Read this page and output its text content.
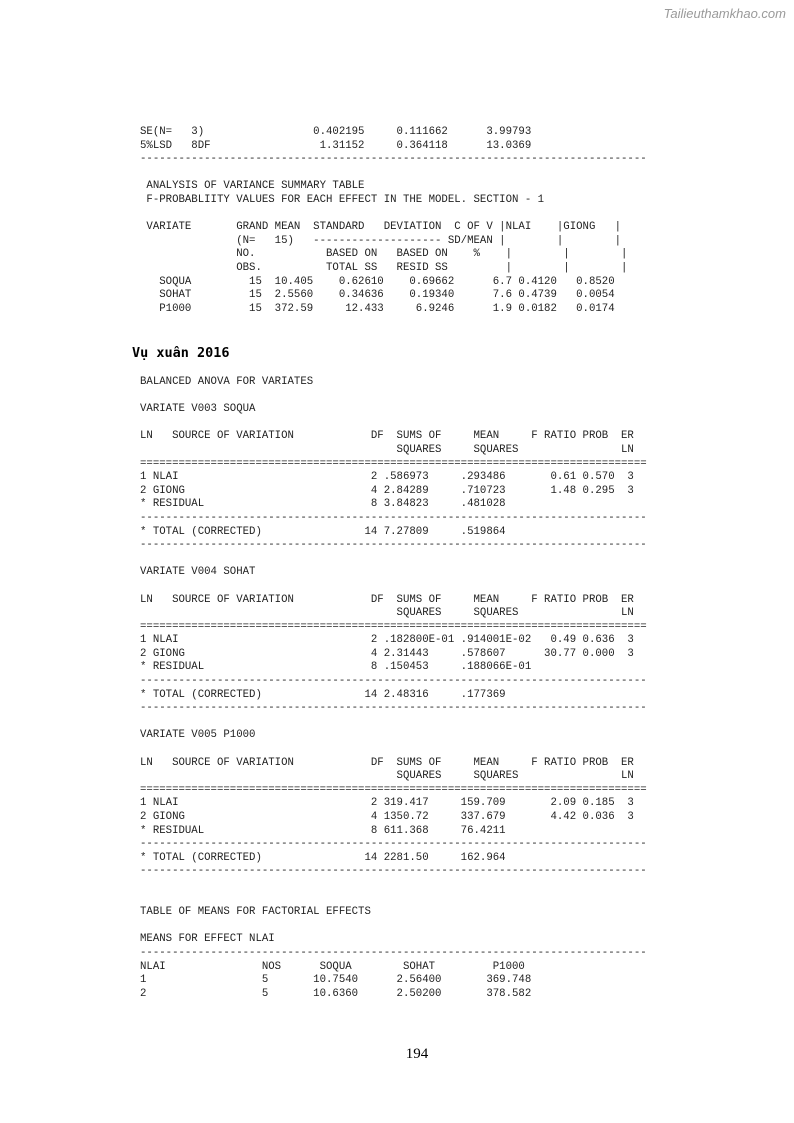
Tailieuthamkhao.com
SE(N=   3)                 0.402195     0.111662      3.99793
5%LSD   8DF                 1.31152     0.364118      13.0369
-------------------------------------------------------------------------------

ANALYSIS OF VARIANCE SUMMARY TABLE
F-PROBABLIITY VALUES FOR EACH EFFECT IN THE MODEL. SECTION - 1

VARIATE       GRAND MEAN  STANDARD   DEVIATION  C OF V |NLAI    |GIONG   |
(N=   15)   -------------------- SD/MEAN |        |        |
NO.           BASED ON   BASED ON    %    |        |        |
OBS.          TOTAL SS   RESID SS         |        |        |
SOQUA         15  10.405    0.62610    0.69662      6.7 0.4120   0.8520
SOHAT         15  2.5560    0.34636    0.19340      7.6 0.4739   0.0054
P1000         15  372.59     12.433     6.9246      1.9 0.0182   0.0174
Vụ xuân 2016
BALANCED ANOVA FOR VARIATES

VARIATE V003 SOQUA

LN   SOURCE OF VARIATION            DF  SUMS OF     MEAN     F RATIO PROB  ER
SQUARES     SQUARES                LN
===============================================================================
1 NLAI                              2 .586973     .293486       0.61 0.570  3
2 GIONG                             4 2.84289     .710723       1.48 0.295  3
* RESIDUAL                          8 3.84823     .481028
-------------------------------------------------------------------------------
* TOTAL (CORRECTED)                14 7.27809     .519864
-------------------------------------------------------------------------------

VARIATE V004 SOHAT

LN   SOURCE OF VARIATION            DF  SUMS OF     MEAN     F RATIO PROB  ER
SQUARES     SQUARES                LN
===============================================================================
1 NLAI                              2 .182800E-01 .914001E-02   0.49 0.636  3
2 GIONG                             4 2.31443     .578607      30.77 0.000  3
* RESIDUAL                          8 .150453     .188066E-01
-------------------------------------------------------------------------------
* TOTAL (CORRECTED)                14 2.48316     .177369
-------------------------------------------------------------------------------

VARIATE V005 P1000

LN   SOURCE OF VARIATION            DF  SUMS OF     MEAN     F RATIO PROB  ER
SQUARES     SQUARES                LN
===============================================================================
1 NLAI                              2 319.417     159.709       2.09 0.185  3
2 GIONG                             4 1350.72     337.679       4.42 0.036  3
* RESIDUAL                          8 611.368     76.4211
-------------------------------------------------------------------------------
* TOTAL (CORRECTED)                14 2281.50     162.964
-------------------------------------------------------------------------------

TABLE OF MEANS FOR FACTORIAL EFFECTS

MEANS FOR EFFECT NLAI
-------------------------------------------------------------------------------
NLAI               NOS      SOQUA        SOHAT         P1000
1                  5       10.7540      2.56400       369.748
2                  5       10.6360      2.50200       378.582
194
